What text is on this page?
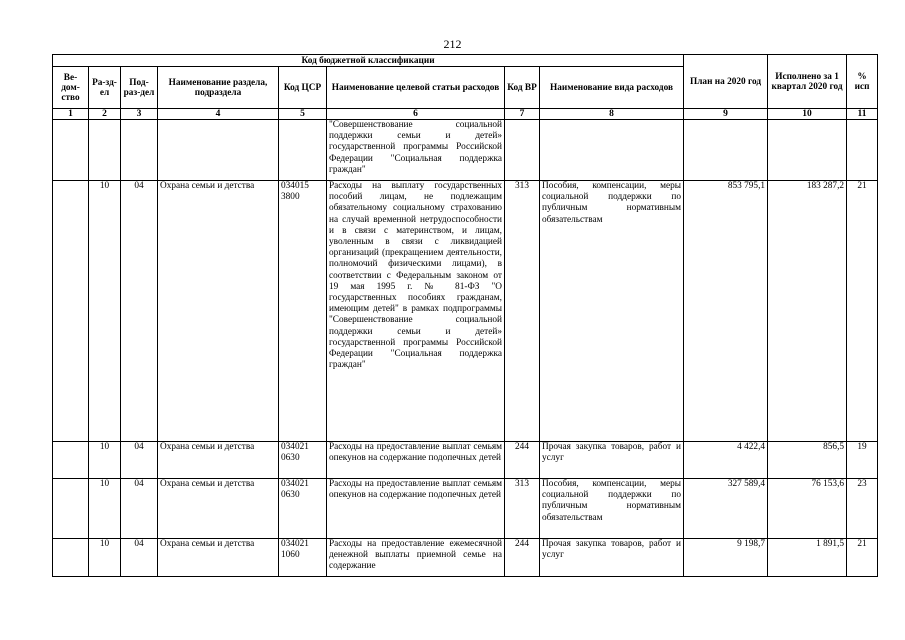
212
Код бюджетной классификации								План на 2020 год	Исполнено за 1 квартал 2020 год	% исп
Ве-дом-ство	Ра-зд-ел	Под-раз-дел	Наименование раздела, подраздела	Код ЦСР	Наименование целевой статьи расходов	Код ВР	Наименование вида расходов			
1	2	3	4	5	6	7	8	9	10	11
					"Совершенствование социальной поддержки семьи и детей» государственной программы Российской Федерации "Социальная поддержка граждан"					
	10	04	Охрана семьи и детства	034015 3800	Расходы на выплату государственных пособий лицам, не подлежащим обязательному социальному страхованию на случай временной нетрудоспособности и в связи с материнством, и лицам, уволенным в связи с ликвидацией организаций (прекращением деятельности, полномочий физическими лицами), в соответствии с Федеральным законом от 19 мая 1995 г. № 81-ФЗ "О государственных пособиях гражданам, имеющим детей" в рамках подпрограммы "Совершенствование социальной поддержки семьи и детей» государственной программы Российской Федерации "Социальная поддержка граждан"	313	Пособия, компенсации, меры социальной поддержки по публичным нормативным обязательствам	853 795,1	183 287,2	21
	10	04	Охрана семьи и детства	034021 0630	Расходы на предоставление выплат семьям опекунов на содержание подопечных детей	244	Прочая закупка товаров, работ и услуг	4 422,4	856,5	19
	10	04	Охрана семьи и детства	034021 0630	Расходы на предоставление выплат семьям опекунов на содержание подопечных детей	313	Пособия, компенсации, меры социальной поддержки по публичным нормативным обязательствам	327 589,4	76 153,6	23
	10	04	Охрана семьи и детства	034021 1060	Расходы на предоставление ежемесячной денежной выплаты приемной семье на содержание	244	Прочая закупка товаров, работ и услуг	9 198,7	1 891,5	21
